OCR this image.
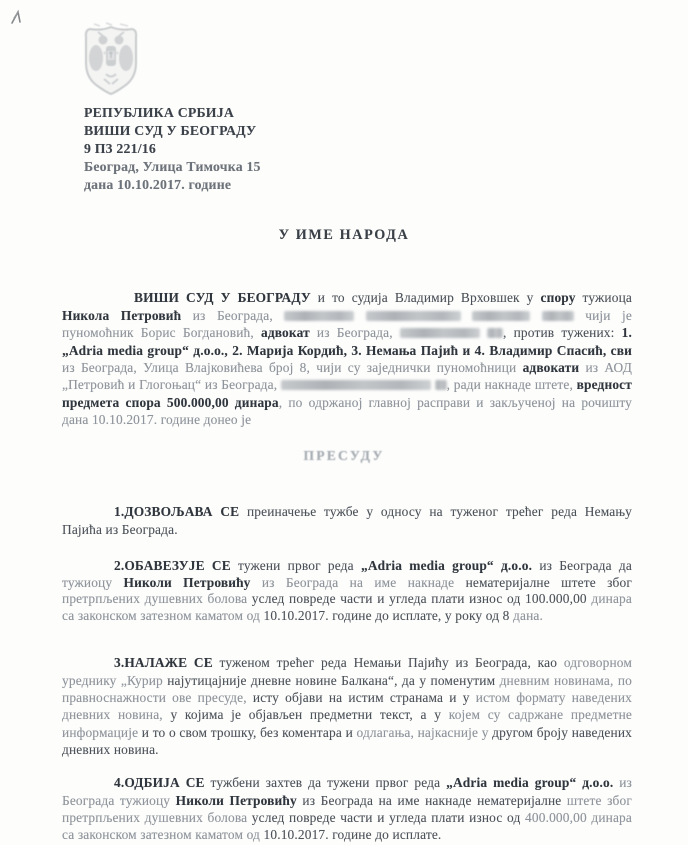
РЕПУБЛИКА СРБИЈА
ВИШИ СУД У БЕОГРАДУ
9 П3 221/16
Београд, Улица Тимочка 15
дана 10.10.2017. године
У ИМЕ НАРОДА

ВИШИ СУД У БЕОГРАДУ и то судија Владимир Врховшек у спору тужиоца Никола Петровић из Београда,	чији је пуномоћник Борис Богдановић, адвокат из Београда,	, против тужених: 1. „Adria media group“ д.о.о., 2. Марија Кордић, 3. Немања Пајић и 4. Владимир Спасић, сви из Београда, Улица Влајковићева број 8, чији су заједнички пуномоћници адвокати из АОД „Петровић и Глогоњац“ из Београда,	, ради накнаде штете, вредност предмета спора 500.000,00 динара, по одржаној главној расправи и закљученој на рочишту дана 10.10.2017. године донео је

ПРЕСУДУ

1.ДОЗВОЉАВА СЕ преиначење тужбе у односу на туженог трећег реда Немању Пајића из Београда.

2.ОБАВЕЗУЈЕ СЕ тужени првог реда „Adria media group“ д.о.о. из Београда да тужиоцу Николи Петровићу из Београда на име накнаде нематеријалне штете због претрпљених душевних болова услед поврeде части и угледа плати износ од 100.000,00 динара са законском затезном каматом од 10.10.2017. године до исплате, у року од 8 дана.

3.НАЛАЖЕ СЕ туженом трећег реда Немањи Пајићу из Београда, као одговорном уреднику „Курир најутицајније дневне новине Балкана“, да у поменутим дневним новинама, по правноснажности ове пресуде, исту објави на истим странама и у истом формату наведених дневних новина, у којима је објављен предметни текст, а у којем су садржане предметне информације и то о свом трошку, без коментара и одлагања, најкасније у другом броју наведених дневних новина.

4.ОДБИЈА СЕ тужбени захтев да тужени првог реда „Adria media group“ д.о.о. из Београда тужиоцу Николи Петровићу из Београда на име накнаде нематеријалне штете због претрпљених душевних болова услед поврeде части и угледа плати износ од 400.000,00 динара са законском затезном каматом од 10.10.2017. године до исплате.
